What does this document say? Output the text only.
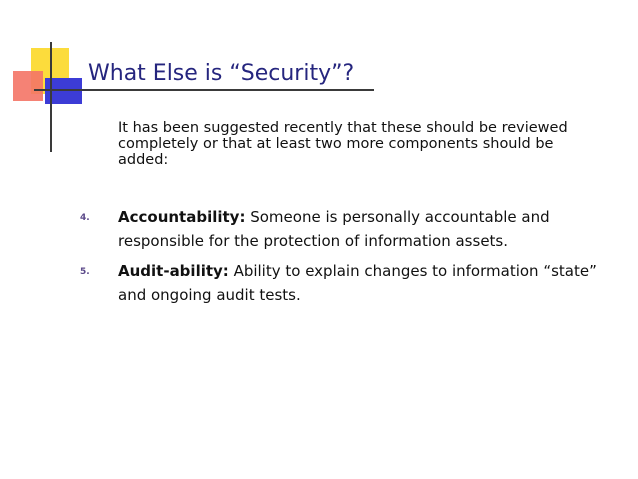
What Else is “Security”?
It has been suggested recently that these should be reviewed completely or that at least two more components should be added:
4. Accountability: Someone is personally accountable and responsible for the protection of information assets.
5. Audit-ability: Ability to explain changes to information “state” and ongoing audit tests.
